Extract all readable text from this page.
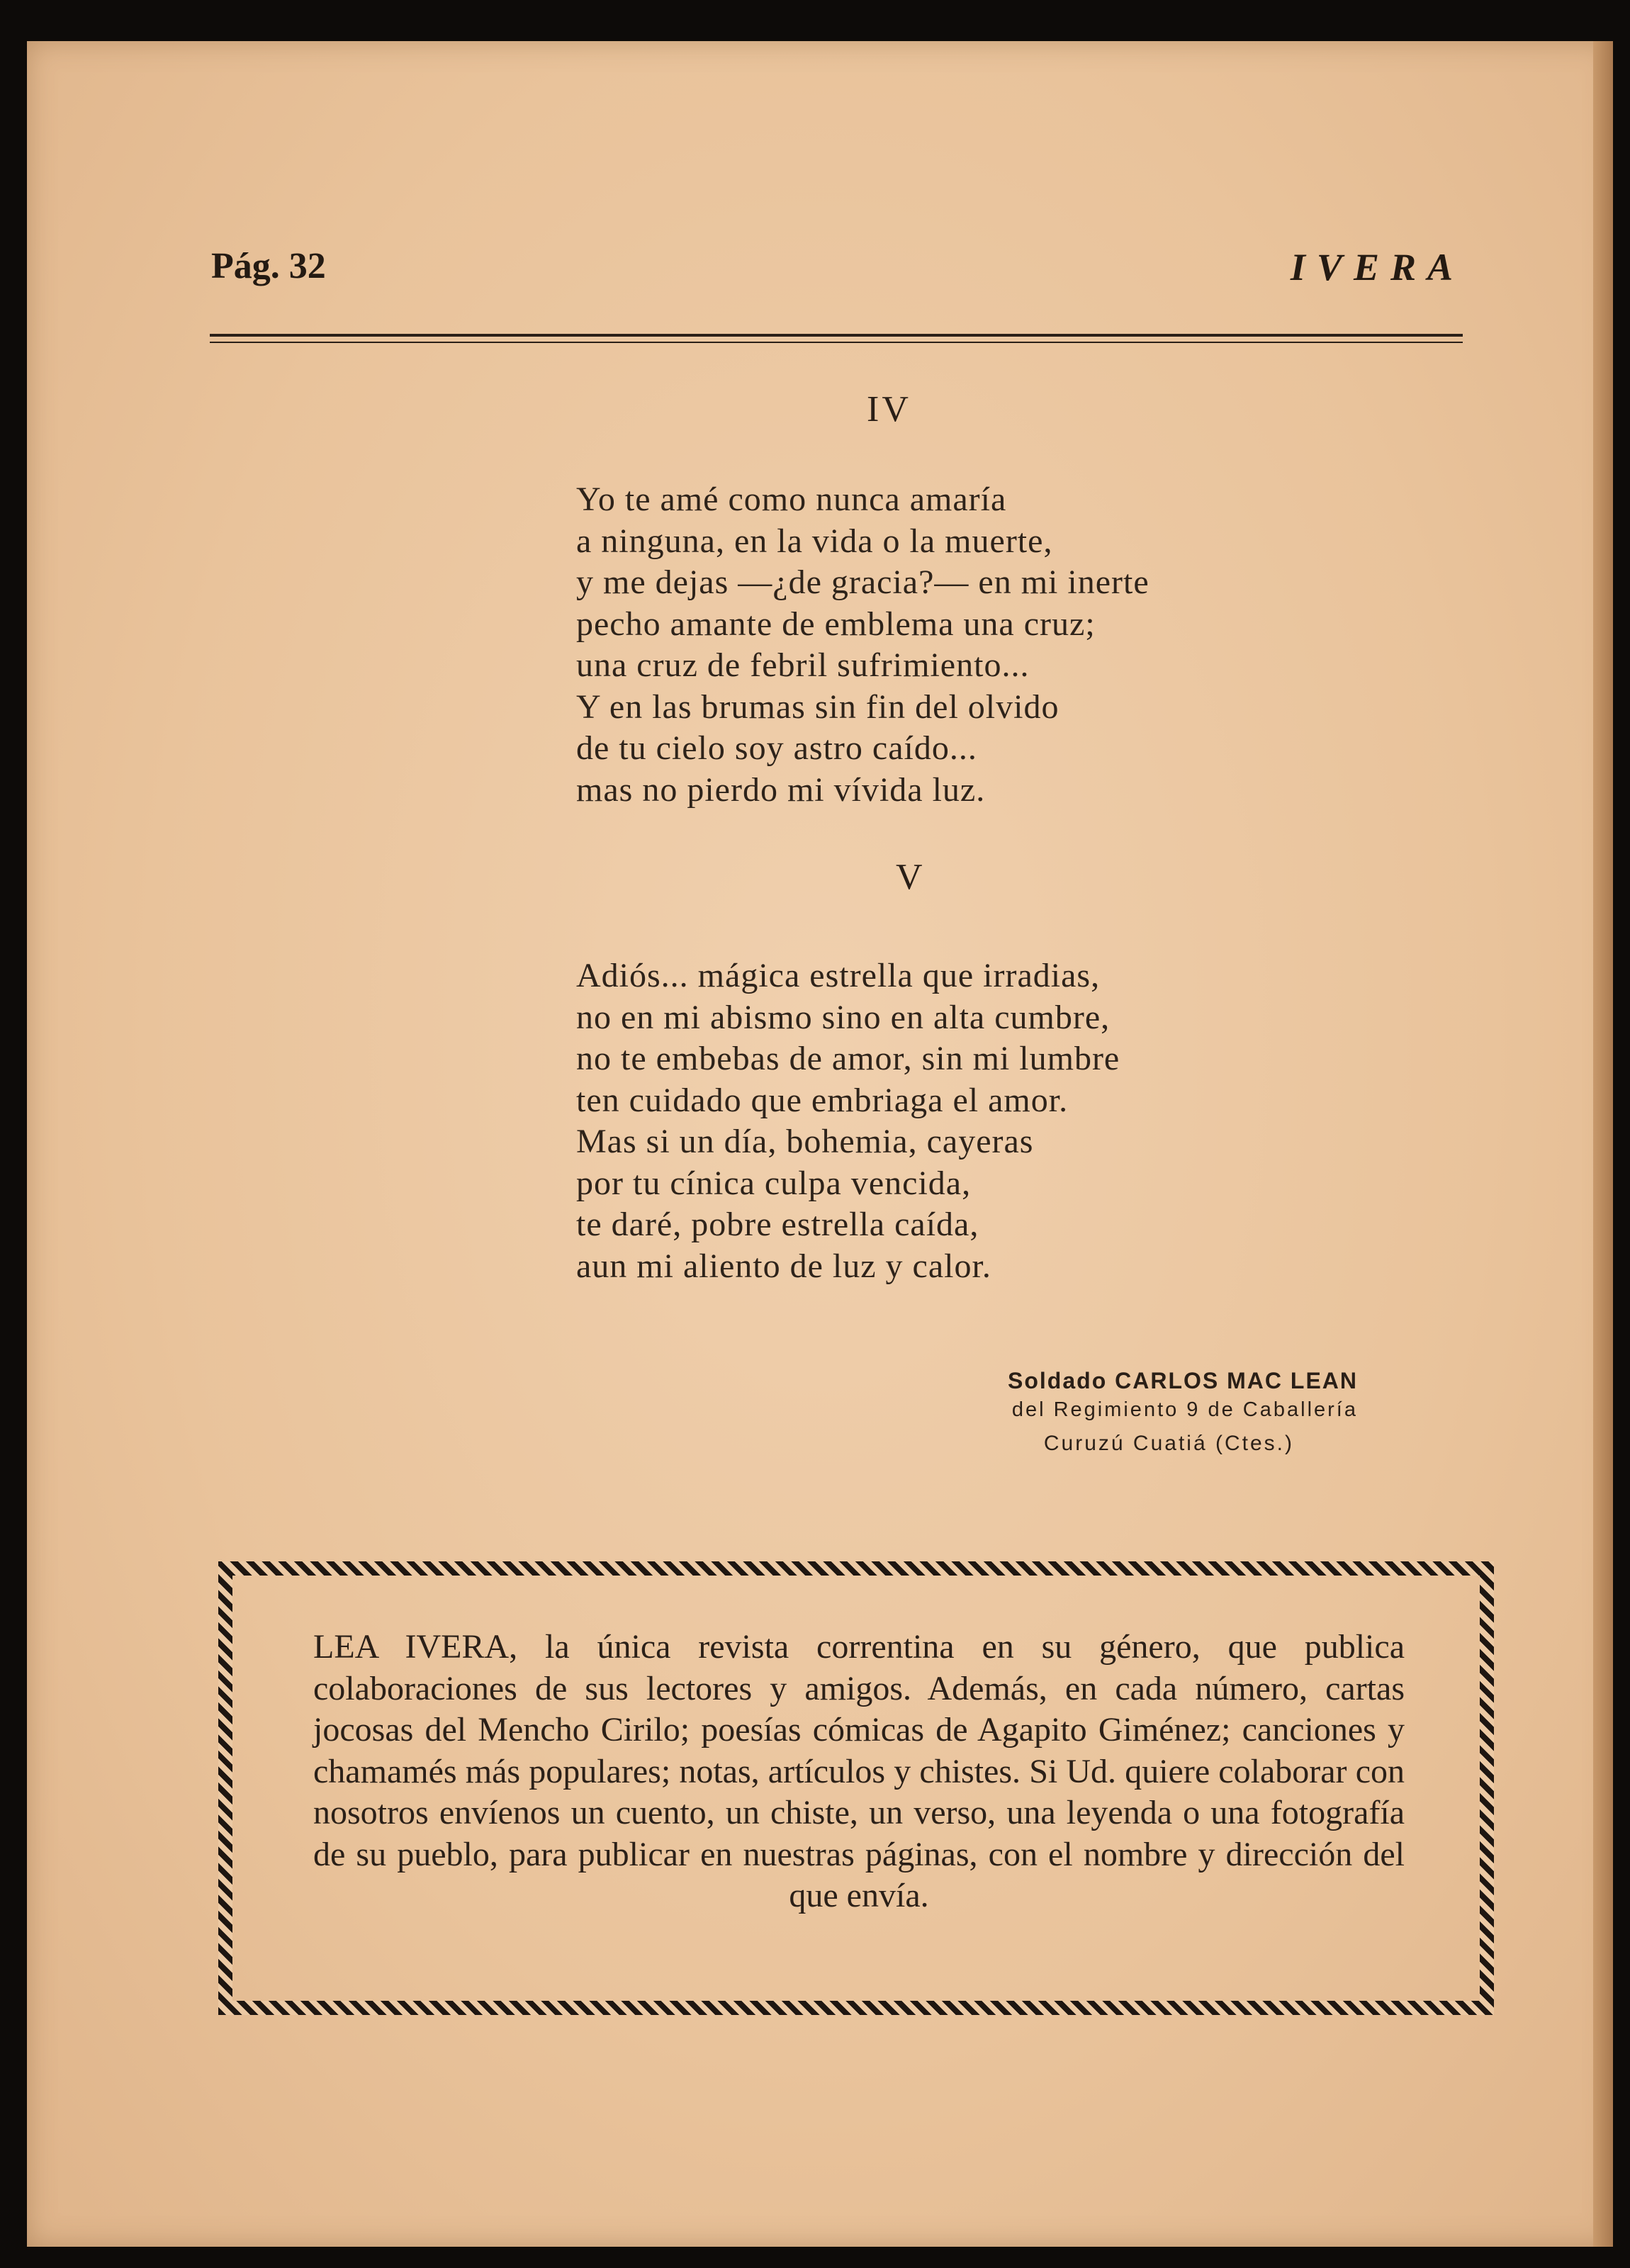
Pág. 32	IVERA
IV
Yo te amé como nunca amaría
a ninguna, en la vida o la muerte,
y me dejas —¿de gracia?— en mi inerte
pecho amante de emblema una cruz;
una cruz de febril sufrimiento...
Y en las brumas sin fin del olvido
de tu cielo soy astro caído...
mas no pierdo mi vívida luz.
V
Adiós... mágica estrella que irradias,
no en mi abismo sino en alta cumbre,
no te embebas de amor, sin mi lumbre
ten cuidado que embriaga el amor.
Mas si un día, bohemia, cayeras
por tu cínica culpa vencida,
te daré, pobre estrella caída,
aun mi aliento de luz y calor.
Soldado CARLOS MAC LEAN
del Regimiento 9 de Caballería
Curuzú Cuatiá (Ctes.)
LEA IVERA, la única revista correntina en su género, que publica colaboraciones de sus lectores y amigos. Además, en cada número, cartas jocosas del Mencho Cirilo; poesías cómicas de Agapito Giménez; canciones y chamamés más populares; notas, artículos y chistes. Si Ud. quiere colaborar con nosotros envíenos un cuento, un chiste, un verso, una leyenda o una fotografía de su pueblo, para publicar en nuestras páginas, con el nombre y dirección del que envía.
